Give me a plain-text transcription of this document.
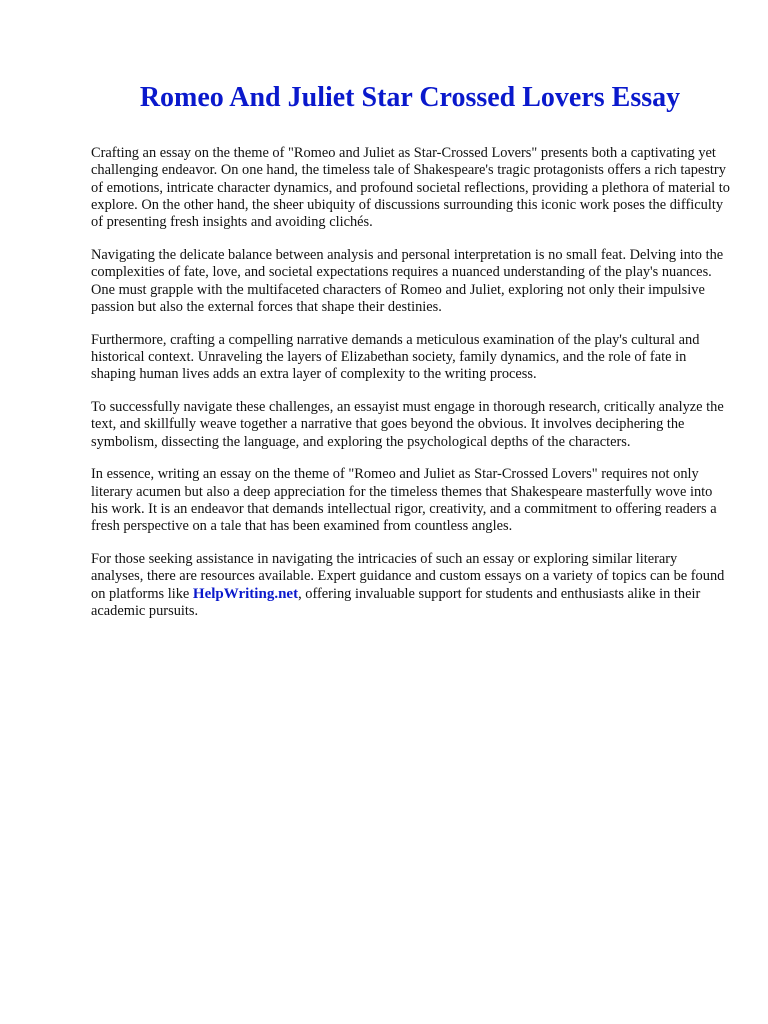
Romeo And Juliet Star Crossed Lovers Essay

Crafting an essay on the theme of "Romeo and Juliet as Star-Crossed Lovers" presents both a captivating yet challenging endeavor. On one hand, the timeless tale of Shakespeare's tragic protagonists offers a rich tapestry of emotions, intricate character dynamics, and profound societal reflections, providing a plethora of material to explore. On the other hand, the sheer ubiquity of discussions surrounding this iconic work poses the difficulty of presenting fresh insights and avoiding clichés.

Navigating the delicate balance between analysis and personal interpretation is no small feat. Delving into the complexities of fate, love, and societal expectations requires a nuanced understanding of the play's nuances. One must grapple with the multifaceted characters of Romeo and Juliet, exploring not only their impulsive passion but also the external forces that shape their destinies.

Furthermore, crafting a compelling narrative demands a meticulous examination of the play's cultural and historical context. Unraveling the layers of Elizabethan society, family dynamics, and the role of fate in shaping human lives adds an extra layer of complexity to the writing process.

To successfully navigate these challenges, an essayist must engage in thorough research, critically analyze the text, and skillfully weave together a narrative that goes beyond the obvious. It involves deciphering the symbolism, dissecting the language, and exploring the psychological depths of the characters.

In essence, writing an essay on the theme of "Romeo and Juliet as Star-Crossed Lovers" requires not only literary acumen but also a deep appreciation for the timeless themes that Shakespeare masterfully wove into his work. It is an endeavor that demands intellectual rigor, creativity, and a commitment to offering readers a fresh perspective on a tale that has been examined from countless angles.

For those seeking assistance in navigating the intricacies of such an essay or exploring similar literary analyses, there are resources available. Expert guidance and custom essays on a variety of topics can be found on platforms like HelpWriting.net, offering invaluable support for students and enthusiasts alike in their academic pursuits.
